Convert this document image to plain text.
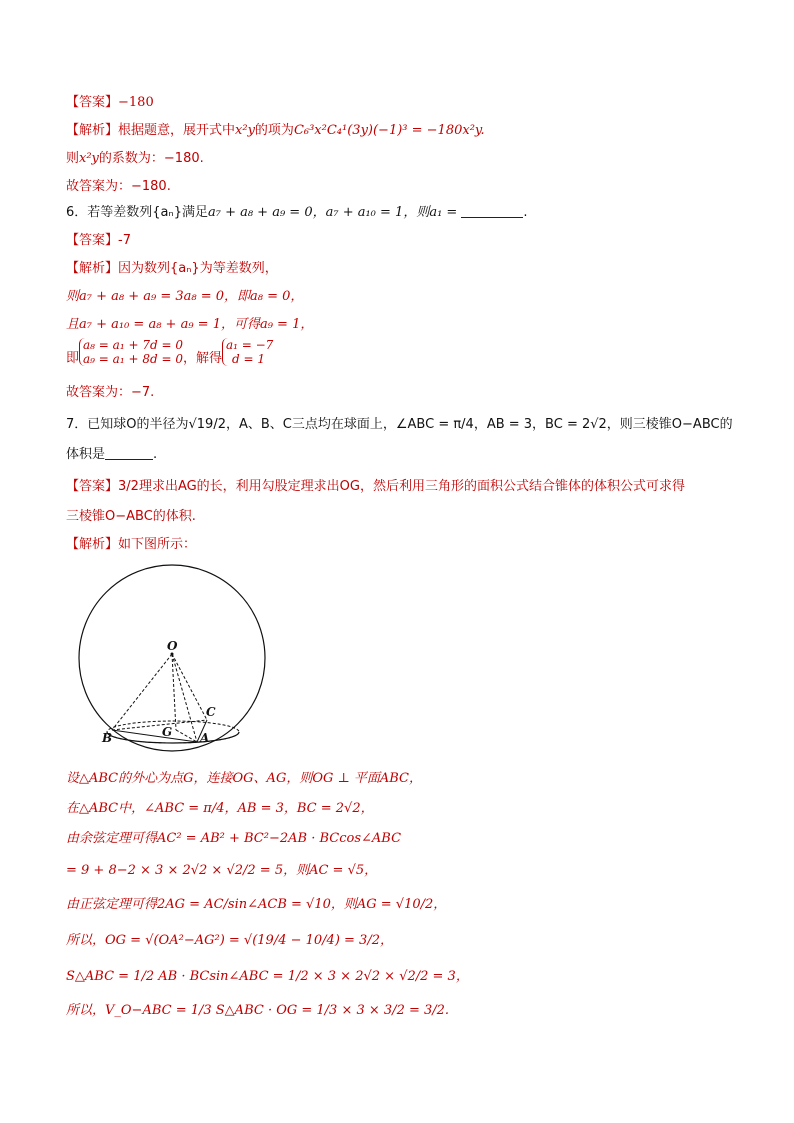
【答案】−180
【解析】根据题意，展开式中x²y的项为C₆³x²C₄¹(3y)(−1)³ = −180x²y.
则x²y的系数为：−180.
故答案为：−180.
6．若等差数列{aₙ}满足a₇ + a₈ + a₉ = 0，a₇ + a₁₀ = 1，则a₁ =	.
【答案】-7
【解析】因为数列{aₙ}为等差数列，
则a₇ + a₈ + a₉ = 3a₈ = 0，即a₈ = 0，
且a₇ + a₁₀ = a₈ + a₉ = 1，可得a₉ = 1，
即
a₈ = a₁ + 7d = 0
a₉ = a₁ + 8d = 0 ，解得
a₁ = −7
d = 1
故答案为：−7.
7．已知球O的半径为√19/2，A、B、C三点均在球面上，∠ABC = π/4，AB = 3，BC = 2√2，则三棱锥O−ABC的
体积是	.
【答案】3/2理求出AG的长，利用勾股定理求出OG，然后利用三角形的面积公式结合锥体的体积公式可求得
三棱锥O−ABC的体积.
【解析】如下图所示：
O
C
G
B	A
设△ABC的外心为点G，连接OG、AG，则OG ⊥ 平面ABC，
在△ABC中，∠ABC = π/4，AB = 3，BC = 2√2，
由余弦定理可得AC² = AB² + BC²−2AB · BCcos∠ABC
= 9 + 8−2 × 3 × 2√2 × √2/2 = 5，则AC = √5，
由正弦定理可得2AG = AC/sin∠ACB = √10，则AG = √10/2，
所以，OG = √(OA²−AG²) = √(19/4 − 10/4) = 3/2，
S△ABC = 1/2 AB · BCsin∠ABC = 1/2 × 3 × 2√2 × √2/2 = 3，
所以，V_O−ABC = 1/3 S△ABC · OG = 1/3 × 3 × 3/2 = 3/2.
